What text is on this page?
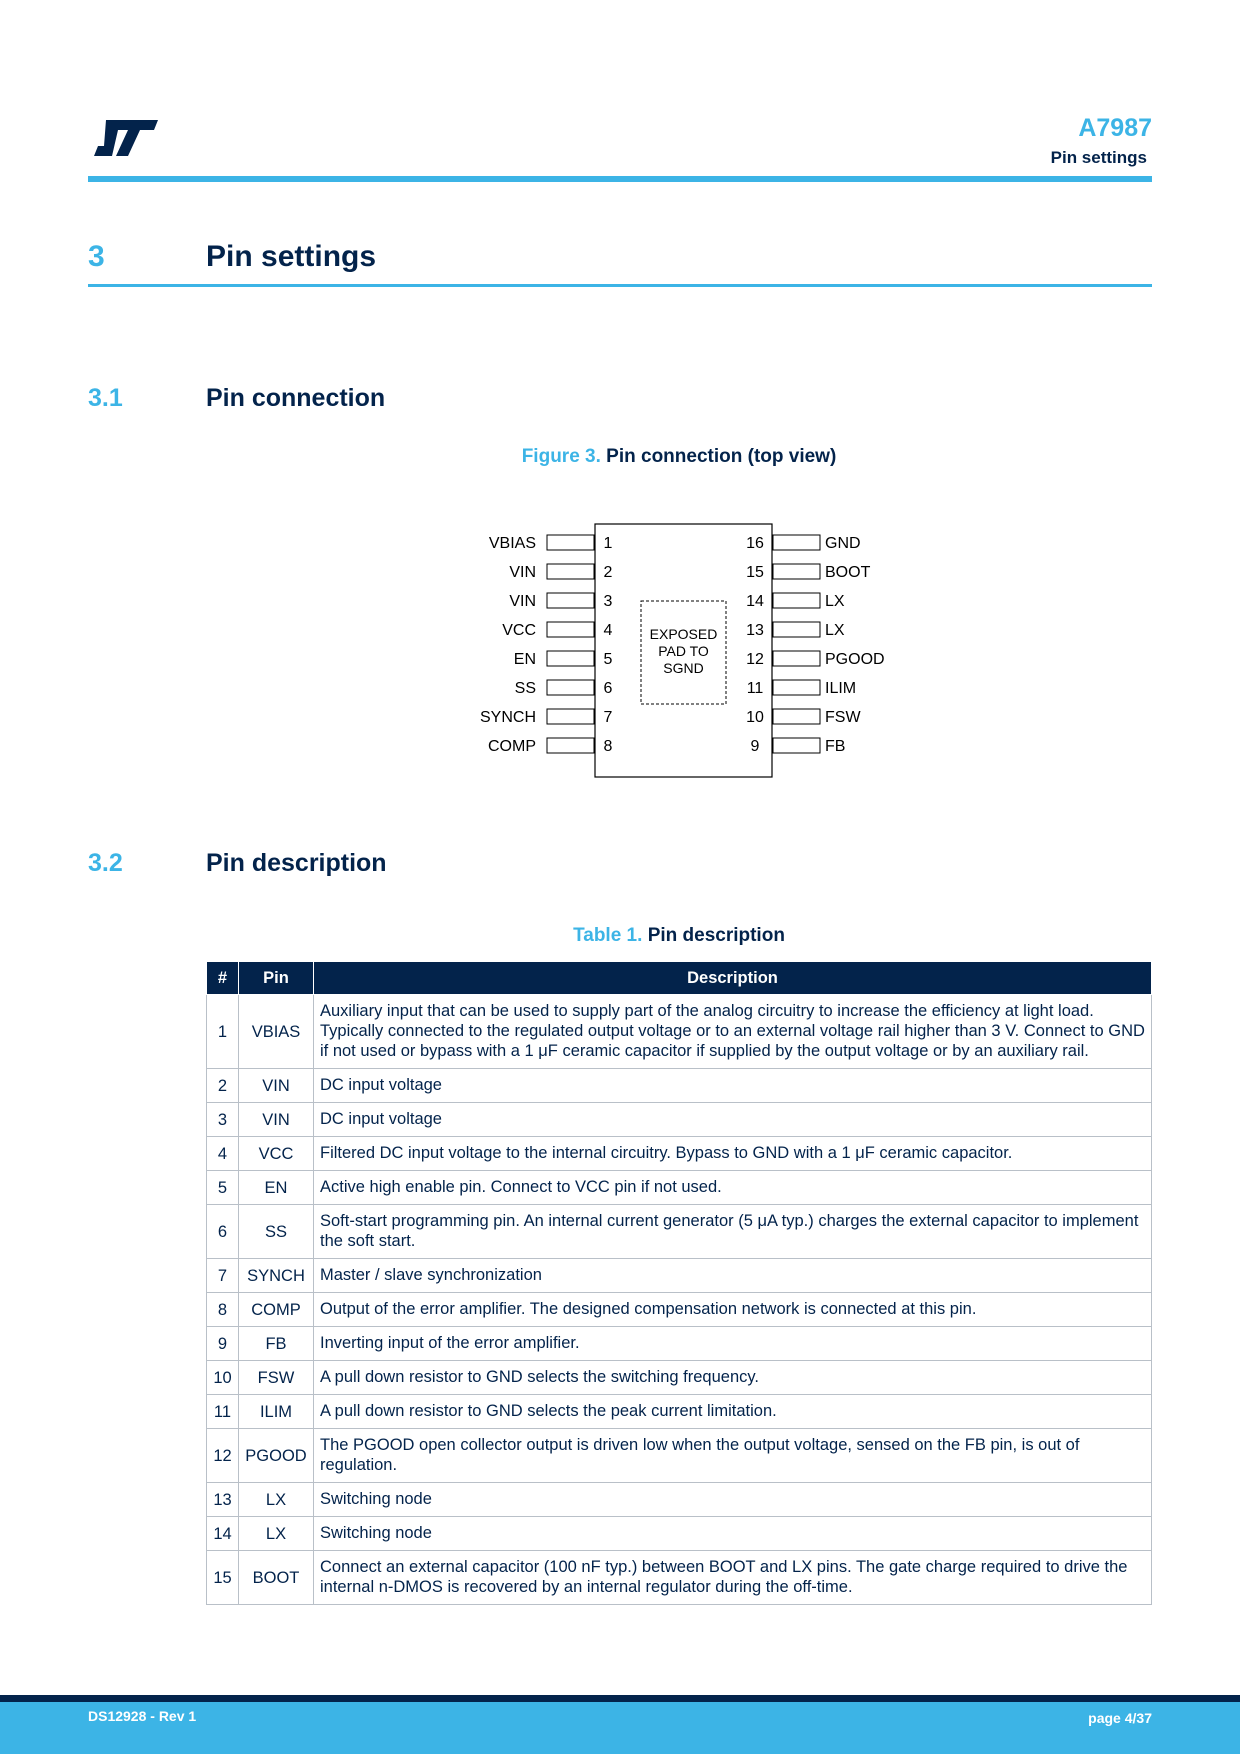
A7987
Pin settings
3	Pin settings
3.1	Pin connection
Figure 3. Pin connection (top view)
VBIAS	1
VIN	2
VIN	3
VCC	4
EN	5
SS	6
SYNCH	7
COMP	8
GND
16
BOOT
15
LX
14
LX
13
PGOOD
12
ILIM
11
FSW
10
FB
9
EXPOSED
PAD TO
SGND
3.2	Pin description
Table 1. Pin description
#	Pin	Description
1	VBIAS	Auxiliary input that can be used to supply part of the analog circuitry to increase the efficiency at light load. Typically connected to the regulated output voltage or to an external voltage rail higher than 3 V. Connect to GND if not used or bypass with a 1 μF ceramic capacitor if supplied by the output voltage or by an auxiliary rail.
2	VIN	DC input voltage
3	VIN	DC input voltage
4	VCC	Filtered DC input voltage to the internal circuitry. Bypass to GND with a 1 μF ceramic capacitor.
5	EN	Active high enable pin. Connect to VCC pin if not used.
6	SS	Soft-start programming pin. An internal current generator (5 μA typ.) charges the external capacitor to implement the soft start.
7	SYNCH	Master / slave synchronization
8	COMP	Output of the error amplifier. The designed compensation network is connected at this pin.
9	FB	Inverting input of the error amplifier.
10	FSW	A pull down resistor to GND selects the switching frequency.
11	ILIM	A pull down resistor to GND selects the peak current limitation.
12	PGOOD	The PGOOD open collector output is driven low when the output voltage, sensed on the FB pin, is out of regulation.
13	LX	Switching node
14	LX	Switching node
15	BOOT	Connect an external capacitor (100 nF typ.) between BOOT and LX pins. The gate charge required to drive the internal n-DMOS is recovered by an internal regulator during the off-time.
DS12928 - Rev 1	page 4/37
